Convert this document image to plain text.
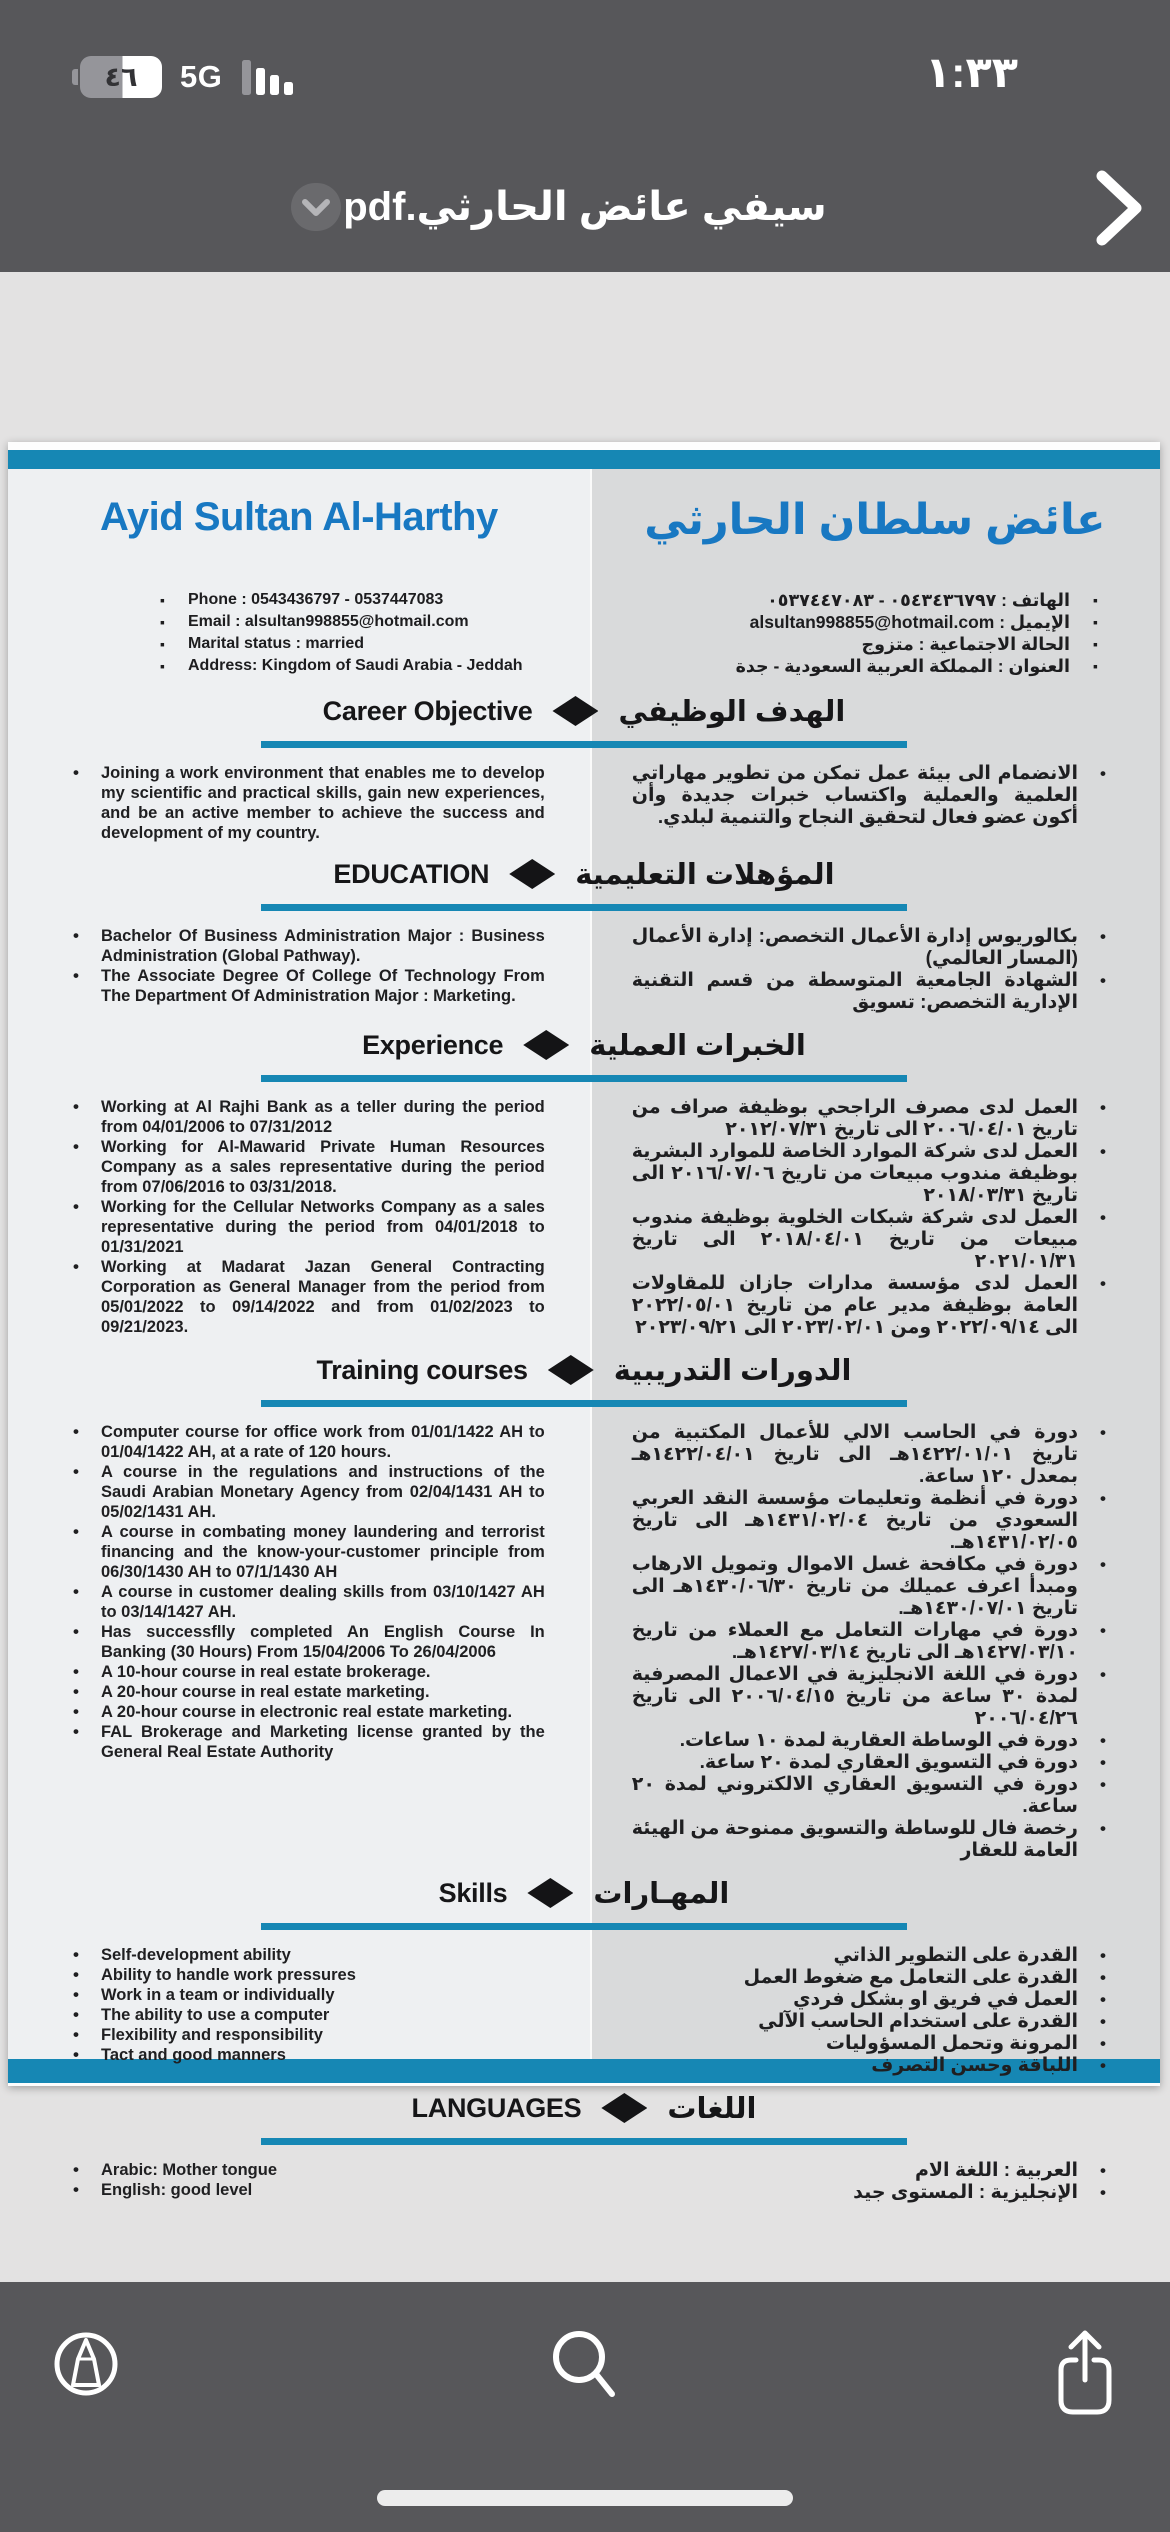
٤٦	5G	١:٣٣
سيفي عائض الحارثي.pdf
Ayid Sultan Al-Harthy	عائض سلطان الحارثي
▪ Phone : 0543436797 - 0537447083
▪ Email : alsultan998855@hotmail.com
▪ Marital status : married
▪ Address: Kingdom of Saudi Arabia - Jeddah
▪ الهاتف : ٠٥٤٣٤٣٦٧٩٧ - ٠٥٣٧٤٤٧٠٨٣
▪ الإيميل : alsultan998855@hotmail.com
▪ الحالة الاجتماعية : متزوج
▪ العنوان : المملكة العربية السعودية - جدة
Career Objective	الهدف الوظيفي
• Joining a work environment that enables me to develop my scientific and practical skills, gain new experiences, and be an active member to achieve the success and development of my country.
• الانضمام الى بيئة عمل تمكن من تطوير مهاراتي العلمية والعملية واكتساب خبرات جديدة وأن أكون عضو فعال لتحقيق النجاح والتنمية لبلدي.
EDUCATION	المؤهلات التعليمية
• Bachelor Of Business Administration Major : Business Administration (Global Pathway).
• The Associate Degree Of College Of Technology From The Department Of Administration Major : Marketing.
• بكالوريوس إدارة الأعمال التخصص: إدارة الأعمال (المسار العالمي)
• الشهادة الجامعية المتوسطة من قسم التقنية الإدارية التخصص: تسويق
Experience	الخبرات العملية
• Working at Al Rajhi Bank as a teller during the period from 04/01/2006 to 07/31/2012
• Working for Al-Mawarid Private Human Resources Company as a sales representative during the period from 07/06/2016 to 03/31/2018.
• Working for the Cellular Networks Company as a sales representative during the period from 04/01/2018 to 01/31/2021
• Working at Madarat Jazan General Contracting Corporation as General Manager from the period from 05/01/2022 to 09/14/2022 and from 01/02/2023 to 09/21/2023.
• العمل لدى مصرف الراجحي بوظيفة صراف من تاريخ ٢٠٠٦/٠٤/٠١ الى تاريخ ٢٠١٢/٠٧/٣١
• العمل لدى شركة الموارد الخاصة للموارد البشرية بوظيفة مندوب مبيعات من تاريخ ٢٠١٦/٠٧/٠٦ الى تاريخ ٢٠١٨/٠٣/٣١
• العمل لدى شركة شبكات الخلوية بوظيفة مندوب مبيعات من تاريخ ٢٠١٨/٠٤/٠١ الى تاريخ ٢٠٢١/٠١/٣١
• العمل لدى مؤسسة مدارات جازان للمقاولات العامة بوظيفة مدير عام من تاريخ ٢٠٢٢/٠٥/٠١ الى ٢٠٢٢/٠٩/١٤ ومن ٢٠٢٣/٠٢/٠١ الى ٢٠٢٣/٠٩/٢١
Training courses	الدورات التدريبية
• Computer course for office work from 01/01/1422 AH to 01/04/1422 AH, at a rate of 120 hours.
• A course in the regulations and instructions of the Saudi Arabian Monetary Agency from 02/04/1431 AH to 05/02/1431 AH.
• A course in combating money laundering and terrorist financing and the know-your-customer principle from 06/30/1430 AH to 07/1/1430 AH
• A course in customer dealing skills from 03/10/1427 AH to 03/14/1427 AH.
• Has successflly completed An English Course In Banking (30 Hours) From 15/04/2006 To 26/04/2006
• A 10-hour course in real estate brokerage.
• A 20-hour course in real estate marketing.
• A 20-hour course in electronic real estate marketing.
• FAL Brokerage and Marketing license granted by the General Real Estate Authority
• دورة في الحاسب الالي للأعمال المكتبية من تاريخ ١٤٢٢/٠١/٠١هـ الى تاريخ ١٤٢٢/٠٤/٠١هـ بمعدل ١٢٠ ساعة.
• دورة في أنظمة وتعليمات مؤسسة النقد العربي السعودي من تاريخ ١٤٣١/٠٢/٠٤هـ الى تاريخ ١٤٣١/٠٢/٠٥هـ.
• دورة في مكافحة غسل الاموال وتمويل الارهاب ومبدأ اعرف عميلك من تاريخ ١٤٣٠/٠٦/٣٠هـ الى تاريخ ١٤٣٠/٠٧/٠١هـ.
• دورة في مهارات التعامل مع العملاء من تاريخ ١٤٢٧/٠٣/١٠هـ الى تاريخ ١٤٢٧/٠٣/١٤هـ.
• دورة في اللغة الانجليزية في الاعمال المصرفية لمدة ٣٠ ساعة من تاريخ ٢٠٠٦/٠٤/١٥ الى تاريخ ٢٠٠٦/٠٤/٢٦
• دورة في الوساطة العقارية لمدة ١٠ ساعات.
• دورة في التسويق العقاري لمدة ٢٠ ساعة.
• دورة في التسويق العقاري الالكتروني لمدة ٢٠ ساعة.
• رخصة فال للوساطة والتسويق ممنوحة من الهيئة العامة للعقار
Skills	المهـارات
• Self-development ability
• Ability to handle work pressures
• Work in a team or individually
• The ability to use a computer
• Flexibility and responsibility
• Tact and good manners
• القدرة على التطوير الذاتي
• القدرة على التعامل مع ضغوط العمل
• العمل في فريق او بشكل فردي
• القدرة على استخدام الحاسب الآلي
• المرونة وتحمل المسؤوليات
• اللباقة وحسن التصرف
LANGUAGES	اللغات
• Arabic: Mother tongue
• English: good level
• العربية : اللغة الام
• الإنجليزية : المستوى جيد
